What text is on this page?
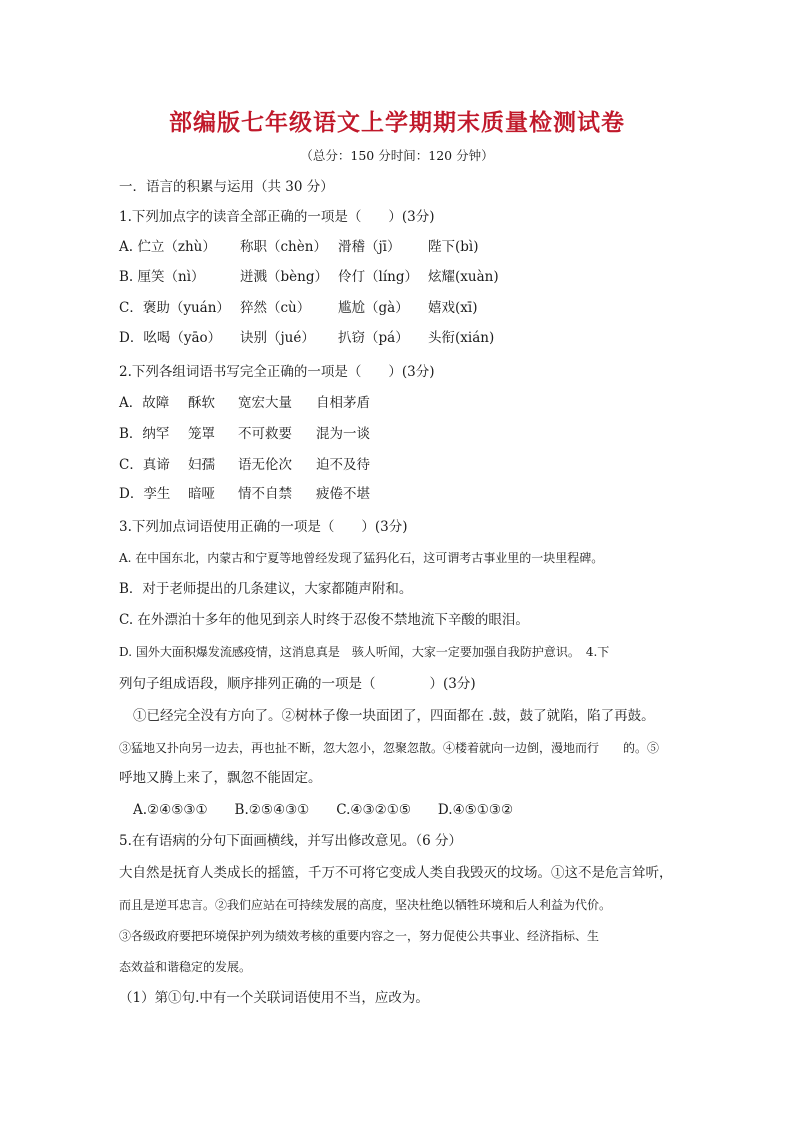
部编版七年级语文上学期期末质量检测试卷
（总分：150 分时间：120 分钟）
一．语言的积累与运用（共 30 分）
1.下列加点字的读音全部正确的一项是（　　）(3分)
A. 伫立（zhù） 称职（chèn） 滑稽（jī） 陛下(bì)
B. 厘笑（nì）	迸溅（bèng） 伶仃（líng） 炫耀(xuàn)
C．褒助（yuán） 猝然（cù） 尴尬（gà） 嬉戏(xī)
D．吆喝（yāo） 诀别（jué） 扒窃（pá） 头衔(xián)
2.下列各组词语书写完全正确的一项是（　　）(3分)
A．故障 酥软 宽宏大量 自相茅盾
B．纳罕 笼罩 不可救要 混为一谈
C．真谛 妇孺 语无伦次 迫不及待
D．孪生 暗哑 情不自禁 疲倦不堪
3.下列加点词语使用正确的一项是（　　）(3分)
A. 在中国东北，内蒙古和宁夏等地曾经发现了猛犸化石，这可谓考古事业里的一块里程碑。
B．对于老师提出的几条建议，大家都随声附和。
C. 在外漂泊十多年的他见到亲人时终于忍俊不禁地流下辛酸的眼泪。
D. 国外大面积爆发流感疫情，这消息真是　骇人听闻，大家一定要加强自我防护意识。　4.下
列句子组成语段，顺序排列正确的一项是（　　　　）(3分)
①已经完全没有方向了。②树林子像一块面团了，四面都在 .鼓，鼓了就陷，陷了再鼓。
③猛地又扑向另一边去，再也扯不断，忽大忽小，忽聚忽散。④楼着就向一边倒，漫地而行　　的。⑤
呼地又腾上来了，飘忽不能固定。
A.②④⑤③①　　B.②⑤④③①　　C.④③②①⑤　　D.④⑤①③②
5.在有语病的分句下面画横线，并写出修改意见。（6 分）
大自然是抚育人类成长的摇篮，千万不可将它变成人类自我毁灭的坟场。①这不是危言耸听，
而且是逆耳忠言。②我们应站在可持续发展的高度，坚决杜绝以牺牲环境和后人利益为代价。
③各级政府要把环境保护列为绩效考核的重要内容之一，努力促使公共事业、经济指标、生
态效益和谐稳定的发展。
（1）第①句.中有一个关联词语使用不当，应改为。
